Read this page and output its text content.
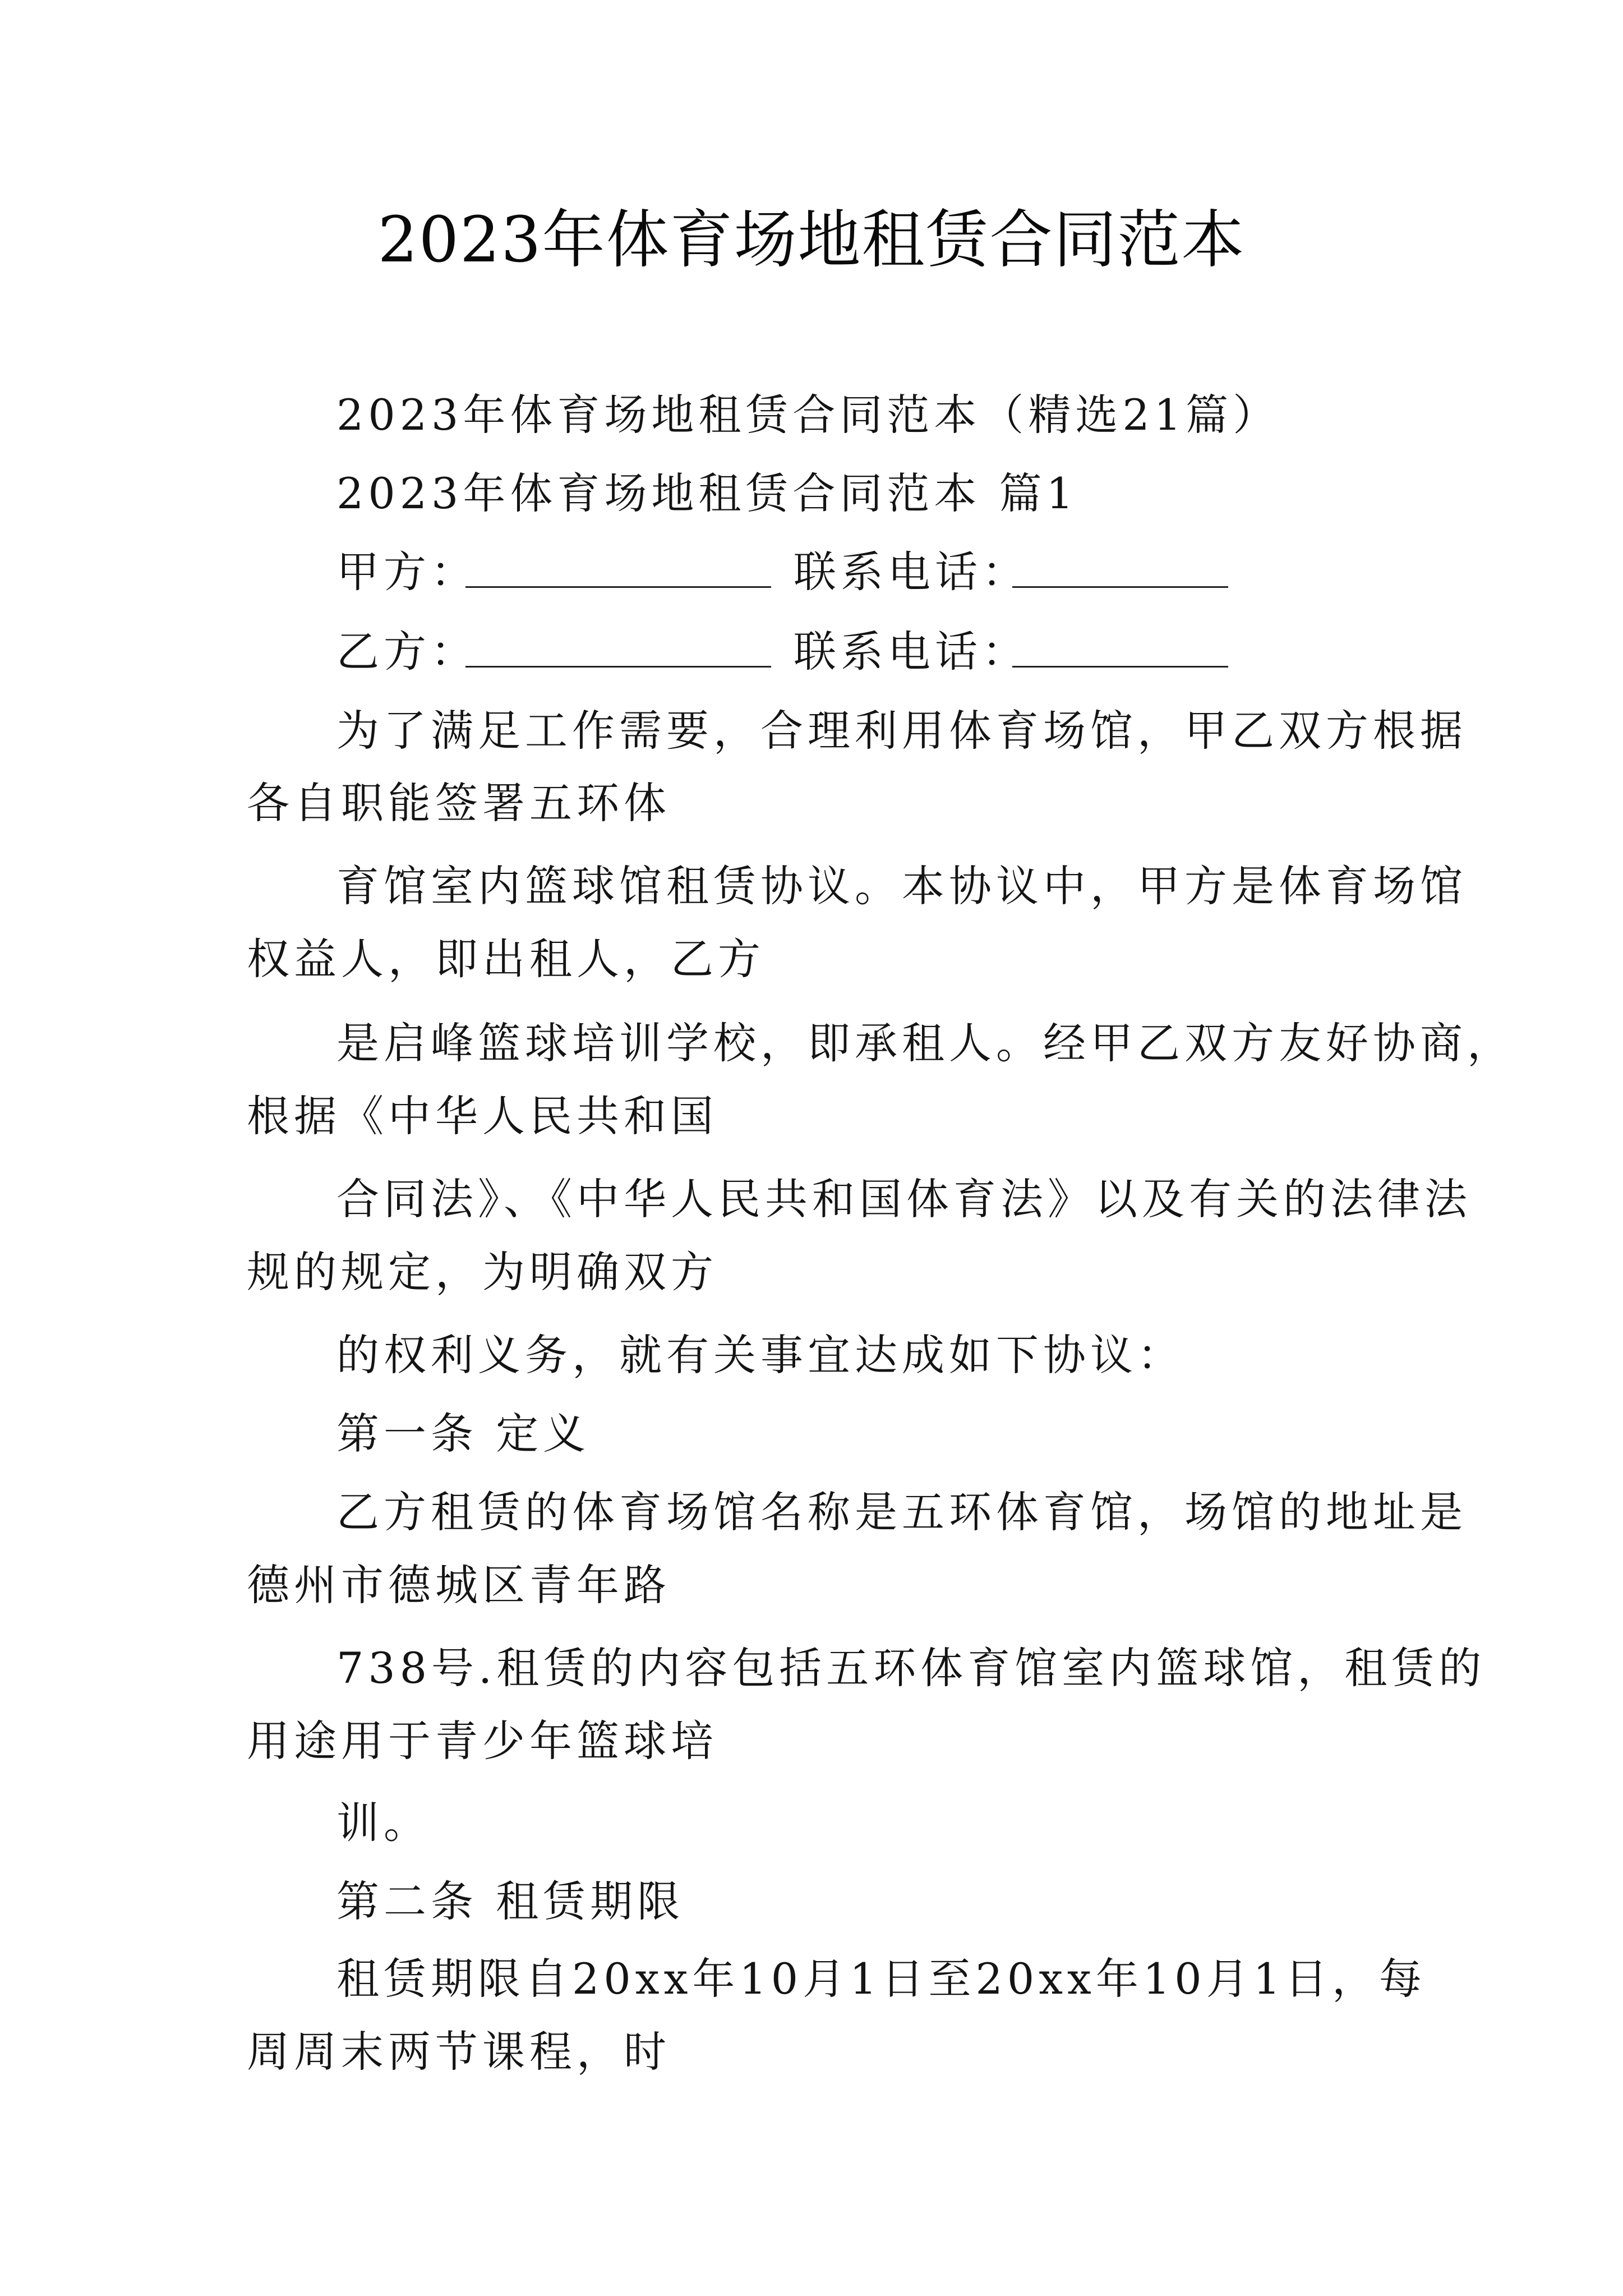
2023年体育场地租赁合同范本
2023年体育场地租赁合同范本（精选21篇）
2023年体育场地租赁合同范本 篇1
甲方：	联系电话：
乙方：	联系电话：
为了满足工作需要，合理利用体育场馆，甲乙双方根据
各自职能签署五环体
育馆室内篮球馆租赁协议。本协议中，甲方是体育场馆
权益人，即出租人，乙方
是启峰篮球培训学校，即承租人。经甲乙双方友好协商，
根据《中华人民共和国
合同法》、《中华人民共和国体育法》以及有关的法律法
规的规定，为明确双方
的权利义务，就有关事宜达成如下协议：
第一条 定义
乙方租赁的体育场馆名称是五环体育馆，场馆的地址是
德州市德城区青年路
738号.租赁的内容包括五环体育馆室内篮球馆，租赁的
用途用于青少年篮球培
训。
第二条 租赁期限
租赁期限自20xx年10月1日至20xx年10月1日，每
周周末两节课程，时
